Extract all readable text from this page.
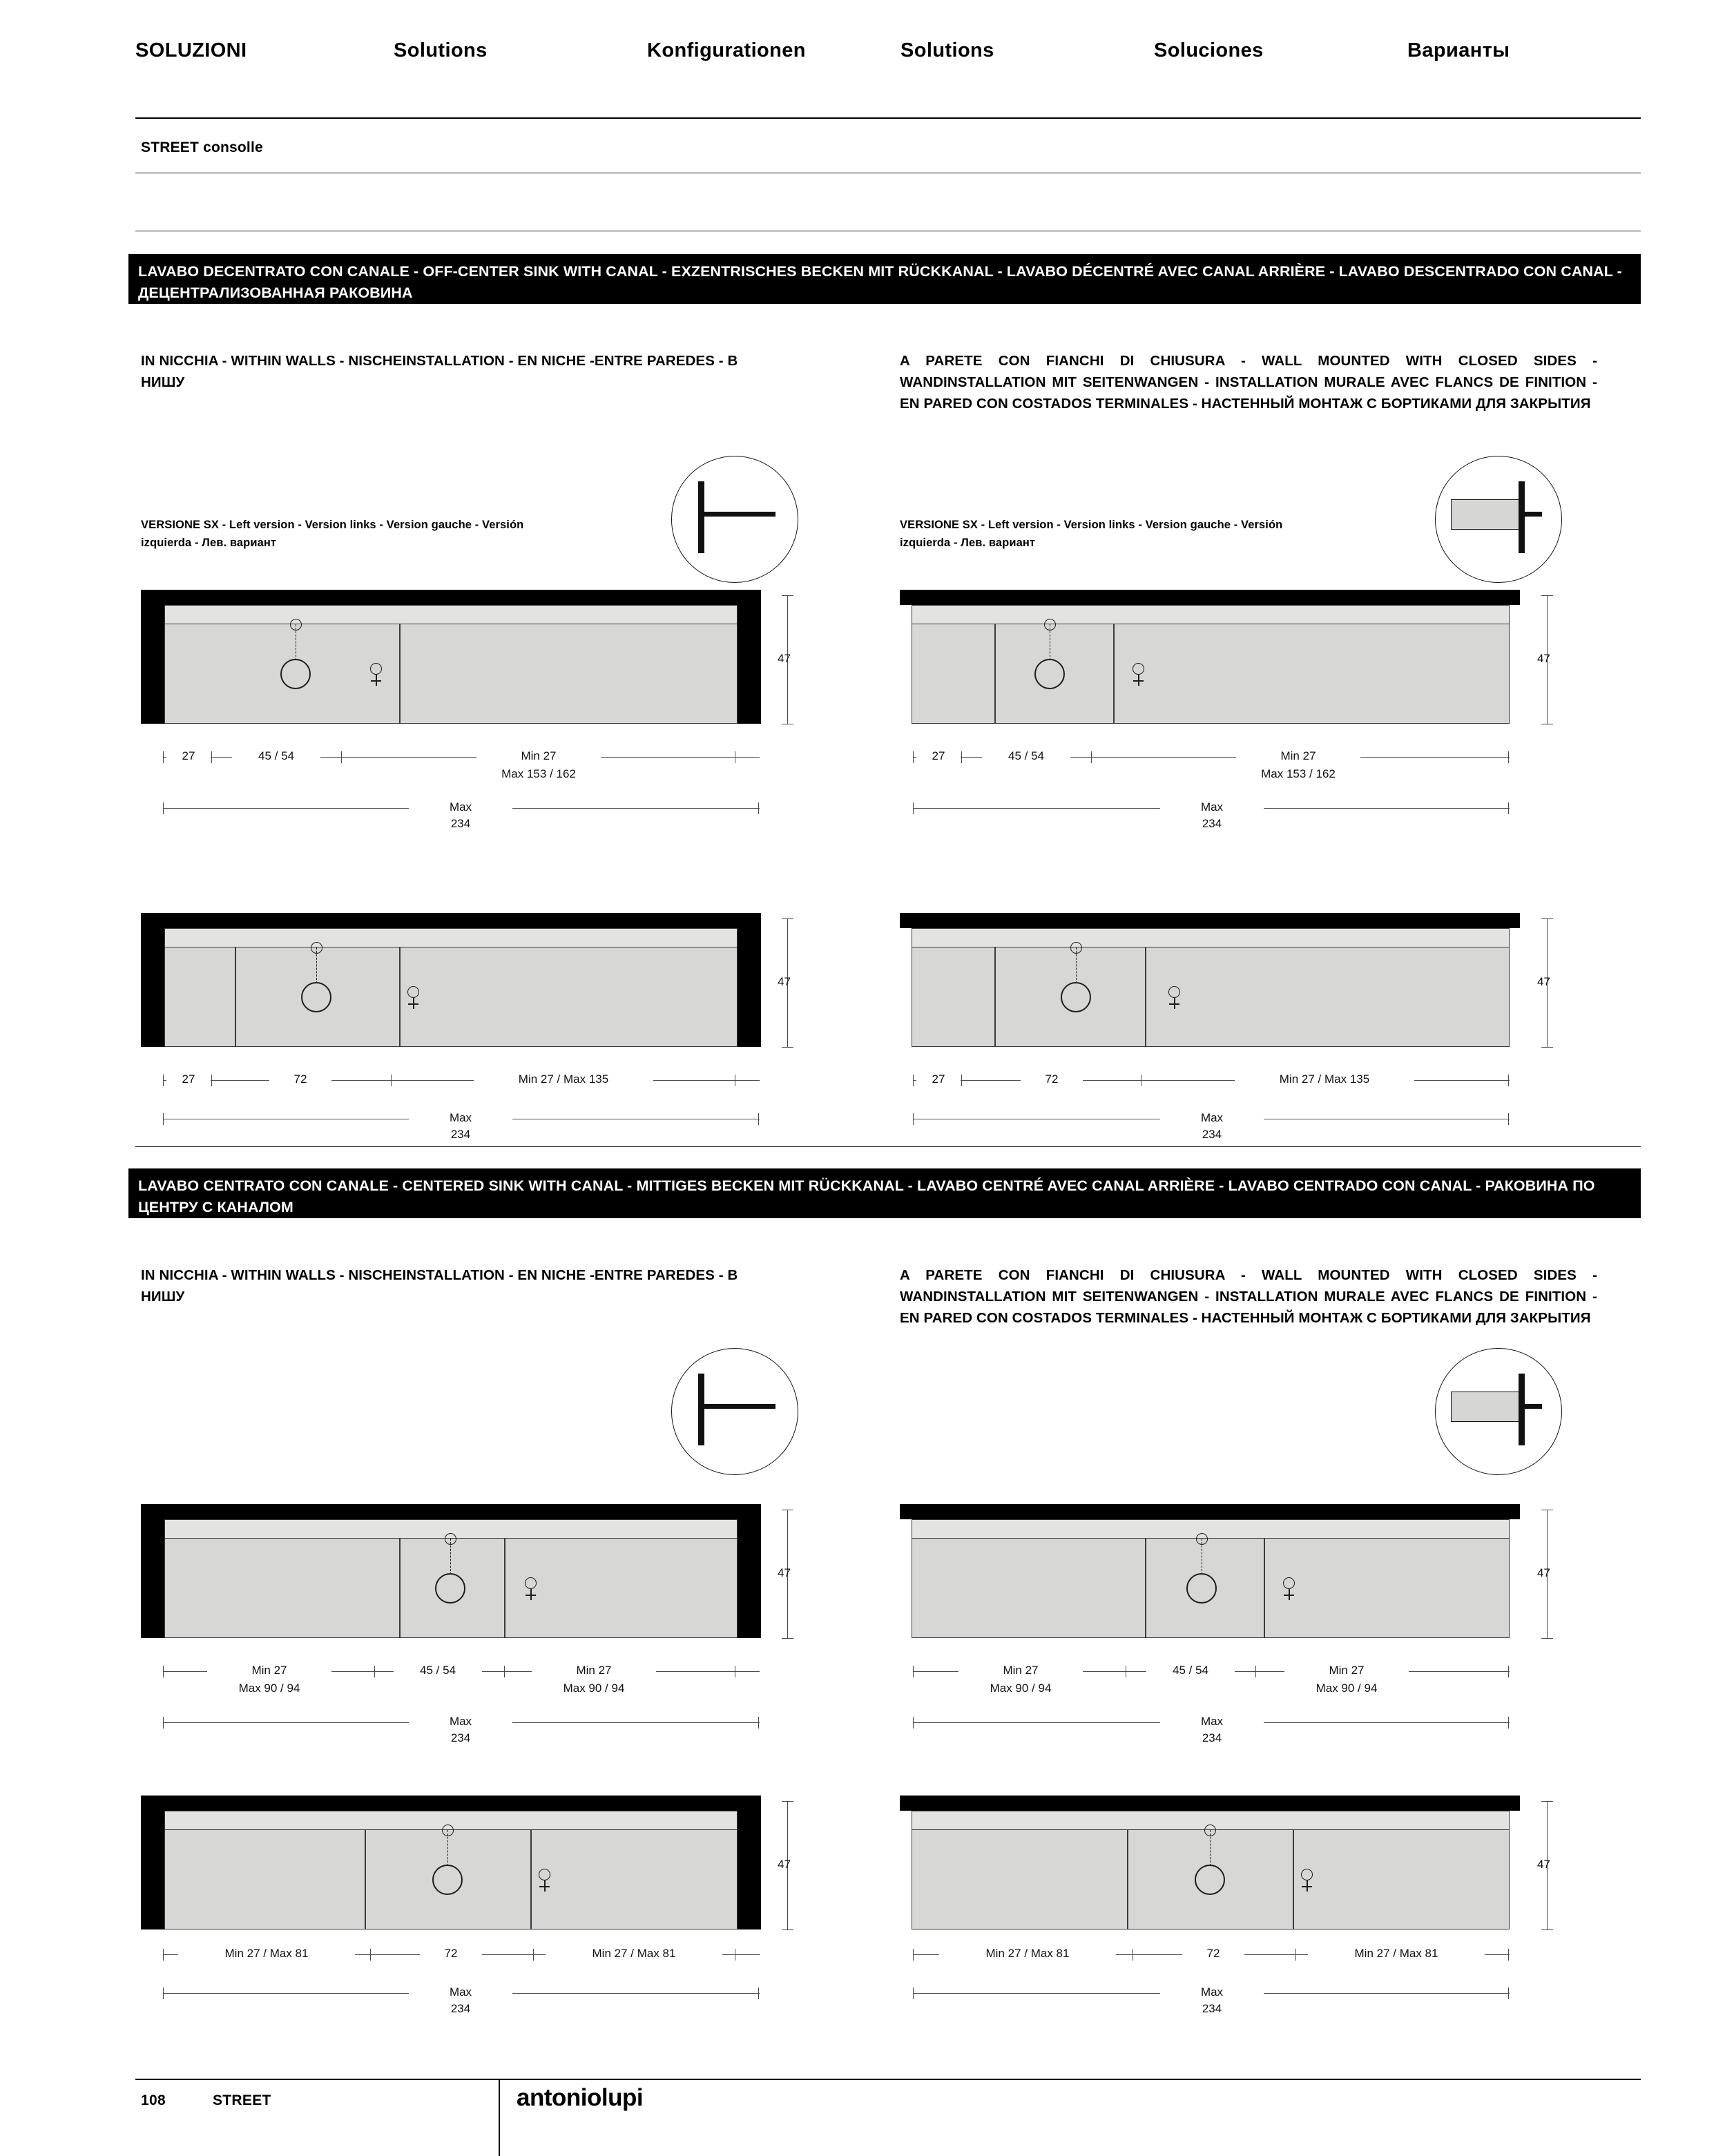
SOLUZIONI	Solutions	Konfigurationen	Solutions	Soluciones	Варианты
STREET consolle
LAVABO DECENTRATO CON CANALE - OFF-CENTER SINK WITH CANAL - EXZENTRISCHES BECKEN MIT RÜCKKANAL - LAVABO DÉCENTRÉ AVEC CANAL ARRIÈRE - LAVABO DESCENTRADO CON CANAL - ДЕЦЕНТРАЛИЗОВАННАЯ РАКОВИНА
IN NICCHIA - WITHIN WALLS - NISCHEINSTALLATION - EN NICHE -ENTRE PAREDES - В НИШУ
A PARETE CON FIANCHI DI CHIUSURA - WALL MOUNTED WITH CLOSED SIDES - WANDINSTALLATION MIT SEITENWANGEN - INSTALLATION MURALE AVEC FLANCS DE FINITION - EN PARED CON COSTADOS TERMINALES - НАСТЕННЫЙ МОНТАЖ С БОРТИКАМИ ДЛЯ ЗАКРЫТИЯ
VERSIONE SX - Left version - Version links - Version gauche - Versión izquierda - Лев. вариант
VERSIONE SX - Left version - Version links - Version gauche - Versión izquierda - Лев. вариант
47
27	45 / 54	Min 27
Max 153 / 162
Max
234
47
27	45 / 54	Min 27
Max 153 / 162
Max
234
47
27	72	Min 27 / Max 135
Max
234
47
27	72	Min 27 / Max 135
Max
234
LAVABO CENTRATO CON CANALE - CENTERED SINK WITH CANAL - MITTIGES BECKEN MIT RÜCKKANAL - LAVABO CENTRÉ AVEC CANAL ARRIÈRE - LAVABO CENTRADO CON CANAL - РАКОВИНА ПО ЦЕНТРУ С КАНАЛОМ
IN NICCHIA - WITHIN WALLS - NISCHEINSTALLATION - EN NICHE -ENTRE PAREDES - В НИШУ
A PARETE CON FIANCHI DI CHIUSURA - WALL MOUNTED WITH CLOSED SIDES - WANDINSTALLATION MIT SEITENWANGEN - INSTALLATION MURALE AVEC FLANCS DE FINITION - EN PARED CON COSTADOS TERMINALES - НАСТЕННЫЙ МОНТАЖ С БОРТИКАМИ ДЛЯ ЗАКРЫТИЯ
47
Min 27
Max 90 / 94
45 / 54	Min 27
Max 90 / 94
Max
234
47
Min 27
Max 90 / 94
45 / 54	Min 27
Max 90 / 94
Max
234
47
Min 27 / Max 81	72	Min 27 / Max 81
Max
234
47
Min 27 / Max 81	72	Min 27 / Max 81
Max
234
108	STREET	antoniolupi
